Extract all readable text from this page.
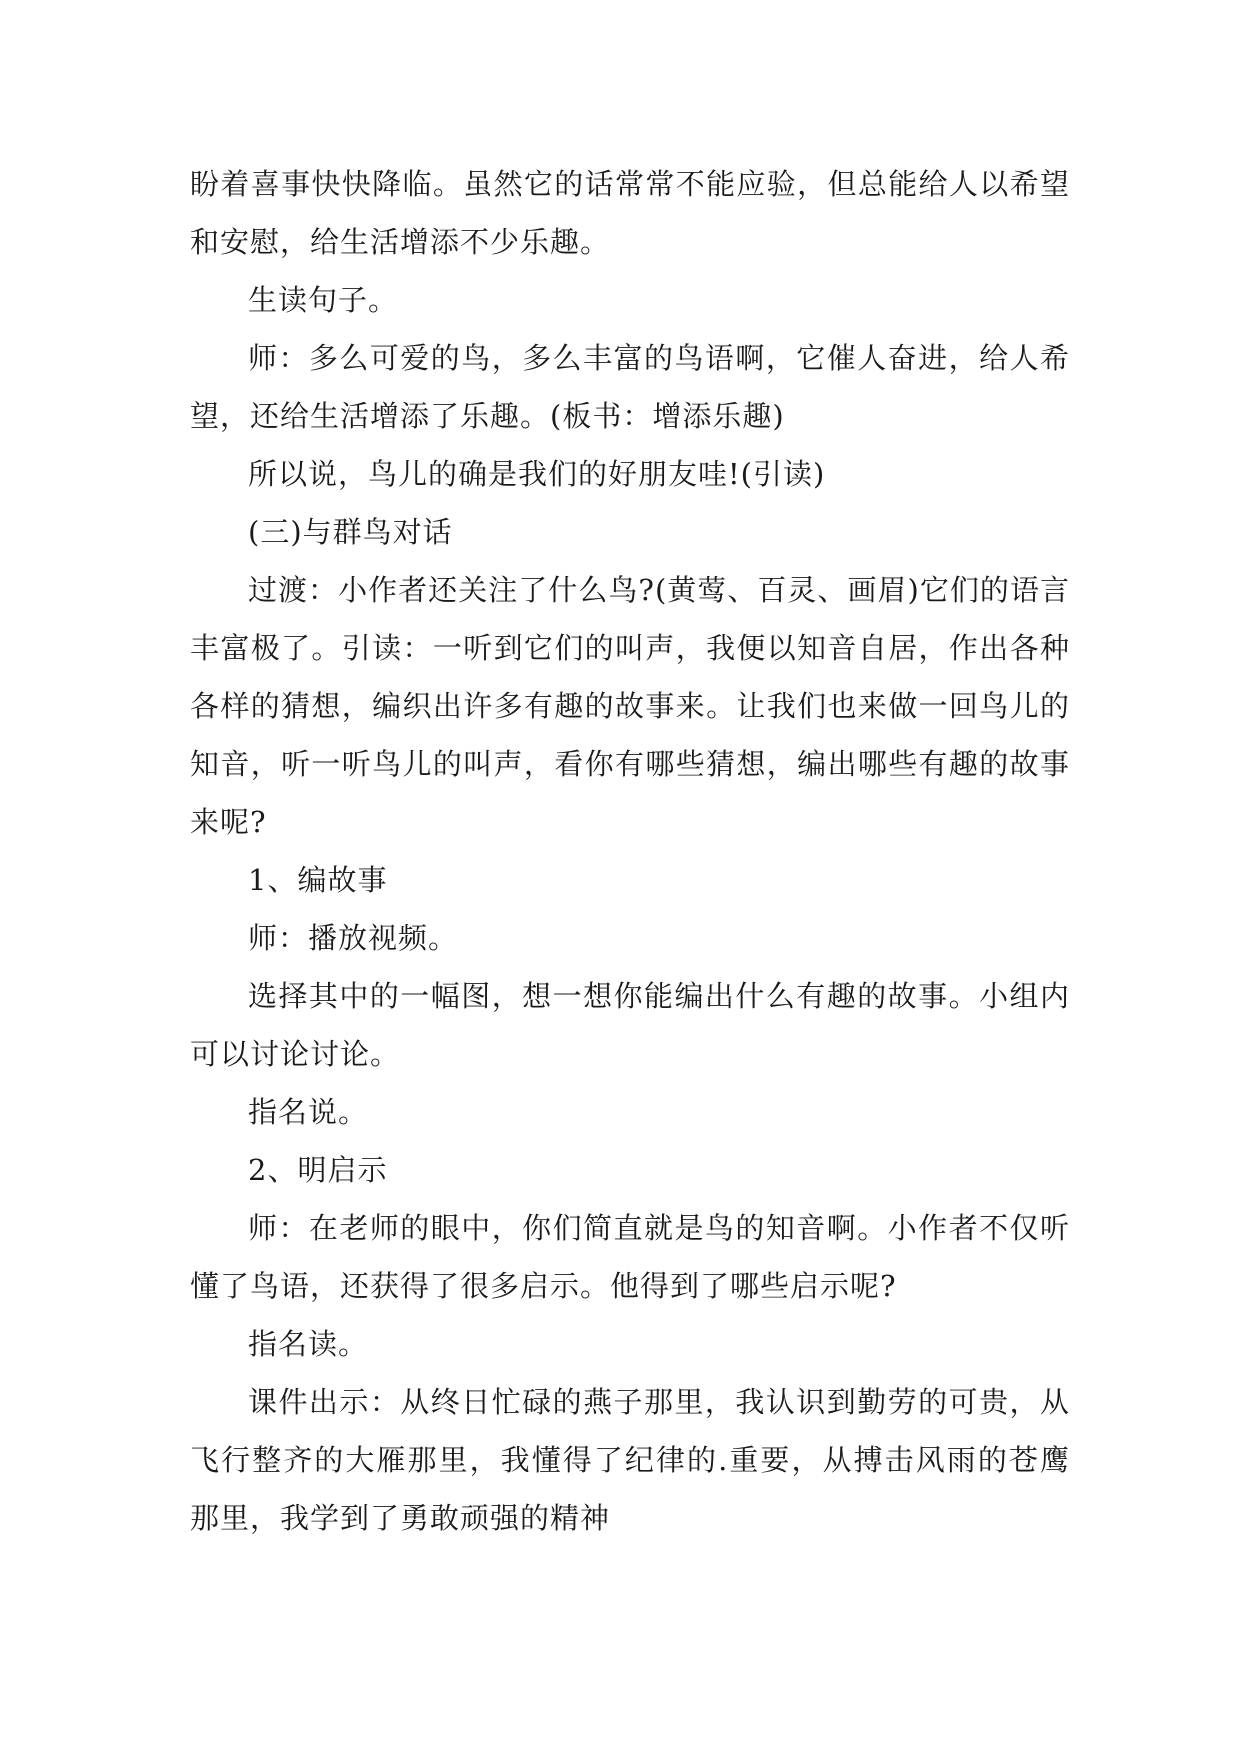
盼着喜事快快降临。虽然它的话常常不能应验，但总能给人以希望和安慰，给生活增添不少乐趣。

生读句子。

师：多么可爱的鸟，多么丰富的鸟语啊，它催人奋进，给人希望，还给生活增添了乐趣。(板书：增添乐趣)

所以说，鸟儿的确是我们的好朋友哇!(引读)

(三)与群鸟对话

过渡：小作者还关注了什么鸟?(黄莺、百灵、画眉)它们的语言丰富极了。引读：一听到它们的叫声，我便以知音自居，作出各种各样的猜想，编织出许多有趣的故事来。让我们也来做一回鸟儿的知音，听一听鸟儿的叫声，看你有哪些猜想，编出哪些有趣的故事来呢?

1、编故事

师：播放视频。

选择其中的一幅图，想一想你能编出什么有趣的故事。小组内可以讨论讨论。

指名说。

2、明启示

师：在老师的眼中，你们简直就是鸟的知音啊。小作者不仅听懂了鸟语，还获得了很多启示。他得到了哪些启示呢?

指名读。

课件出示：从终日忙碌的燕子那里，我认识到勤劳的可贵，从飞行整齐的大雁那里，我懂得了纪律的.重要，从搏击风雨的苍鹰那里，我学到了勇敢顽强的精神
